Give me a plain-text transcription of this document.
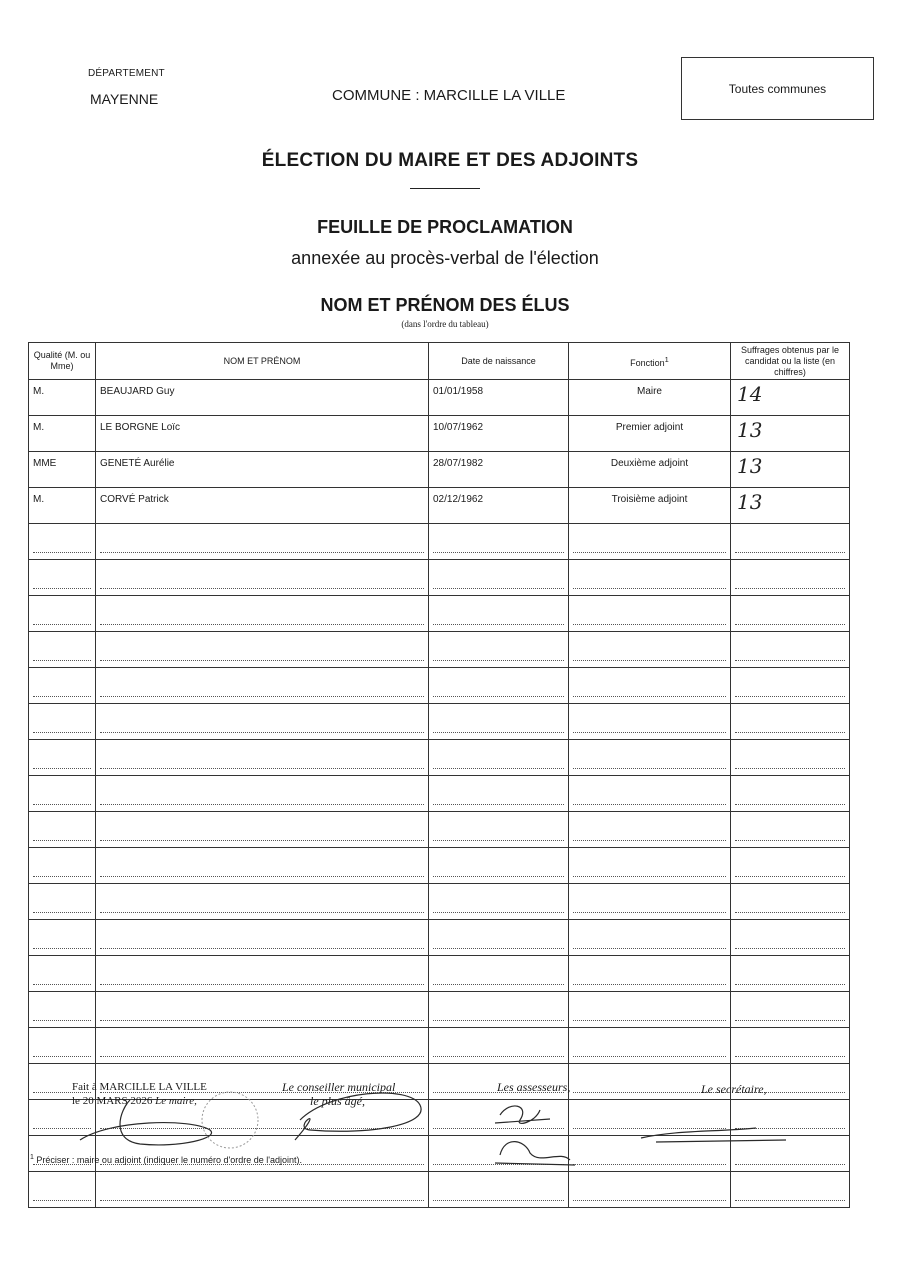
DÉPARTEMENT
MAYENNE	COMMUNE : MARCILLE LA VILLE	Toutes communes
ÉLECTION DU MAIRE ET DES ADJOINTS
FEUILLE DE PROCLAMATION
annexée au procès-verbal de l'élection
NOM ET PRÉNOM DES ÉLUS
(dans l'ordre du tableau)
Qualité (M. ou Mme)	NOM ET PRÉNOM	Date de naissance	Fonction$^1$	Suffrages obtenus par le candidat ou la liste (en chiffres)
M.	BEAUJARD Guy	01/01/1958	Maire	14

M.	LE BORGNE Loïc	10/07/1962	Premier adjoint	13

MME	GENETÉ Aurélie	28/07/1982	Deuxième adjoint	13

M.	CORVÉ Patrick	02/12/1962	Troisième adjoint	13

Fait à MARCILLE LA VILLE
le 20 MARS 2026 Le maire,
Le conseiller municipal
le plus âgé,
Les assesseurs,	Le secrétaire,
$^1$ Préciser : maire ou adjoint (indiquer le numéro d'ordre de l'adjoint).
